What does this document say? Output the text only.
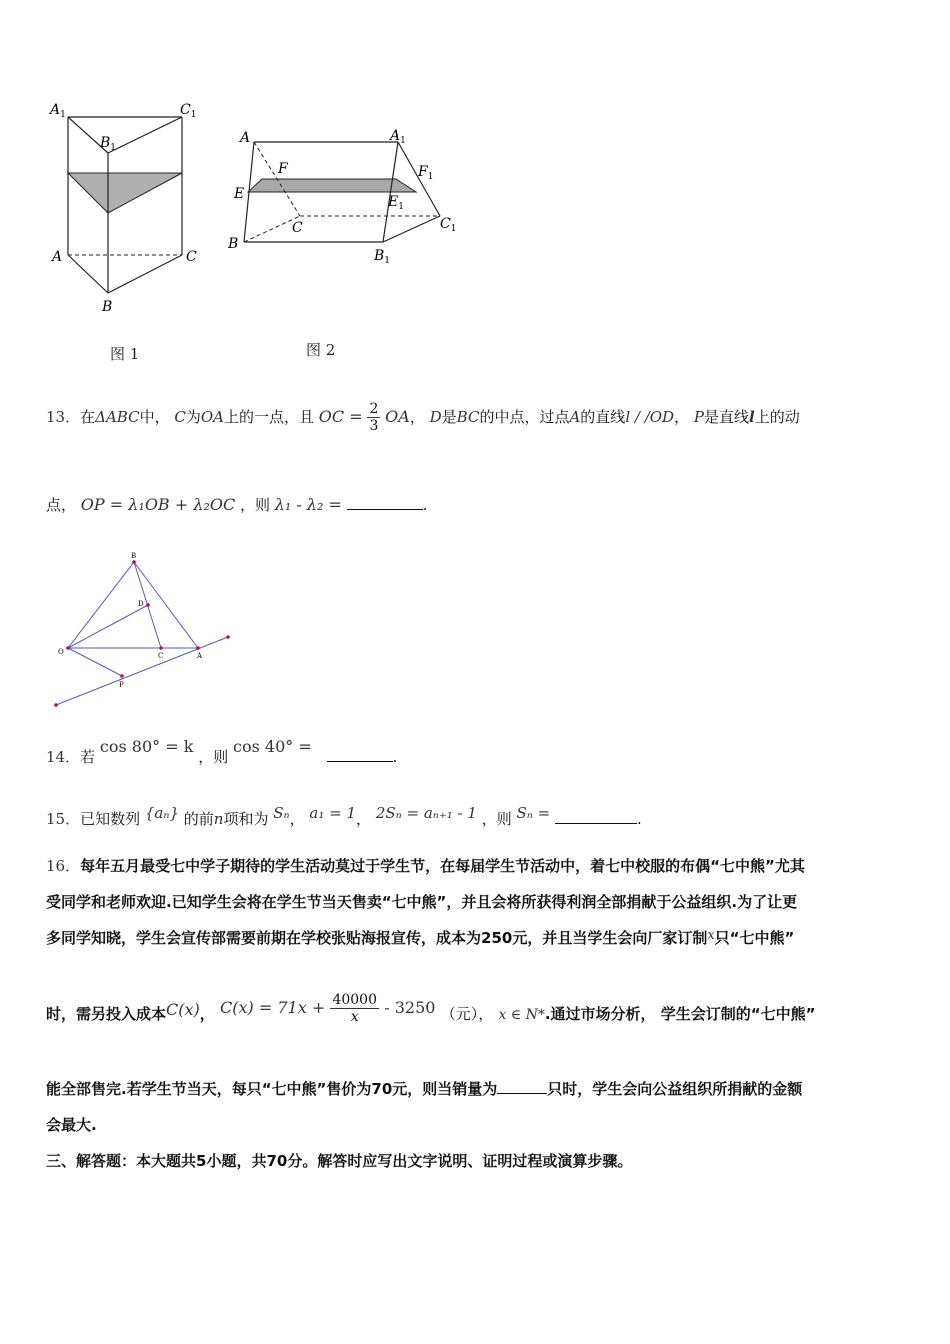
$A_1$	$C_1$
$B_1$
A	C
B
图 1
A	$A_1$
F	$F_1$
E	$E_1$
C	$C_1$
B
$B_1$
图 2
13．在ΔABC中， C为OA上的一点，且 OC = $\frac{2}{3}$ OA， D是BC的中点，过点A的直线l / /OD， P是直线l上的动
点， OP = λ₁OB + λ₂OC ，则 λ₁ - λ₂ =	.
B
D
O	C	A
P
14．若 cos 80° = k ，则 cos 40° = .
15．已知数列 {aₙ} 的前n项和为 Sₙ， a₁ = 1， 2Sₙ = aₙ₊₁ - 1 ，则 Sₙ =	.
16．每年五月最受七中学子期待的学生活动莫过于学生节，在每届学生节活动中，着七中校服的布偶“七中熊”尤其
受同学和老师欢迎.已知学生会将在学生节当天售卖“七中熊”，并且会将所获得利润全部捐献于公益组织.为了让更
多同学知晓，学生会宣传部需要前期在学校张贴海报宣传，成本为250元，并且当学生会向厂家订制x只“七中熊”
时，需另投入成本C(x)， $C(x) = 71x + \frac{40000}{x} - 3250$ （元）， x ∈ N*.通过市场分析， 学生会订制的“七中熊”
能全部售完.若学生节当天，每只“七中熊”售价为70元，则当销量为	只时，学生会向公益组织所捐献的金额
会最大.
三、解答题：本大题共5小题，共70分。解答时应写出文字说明、证明过程或演算步骤。
